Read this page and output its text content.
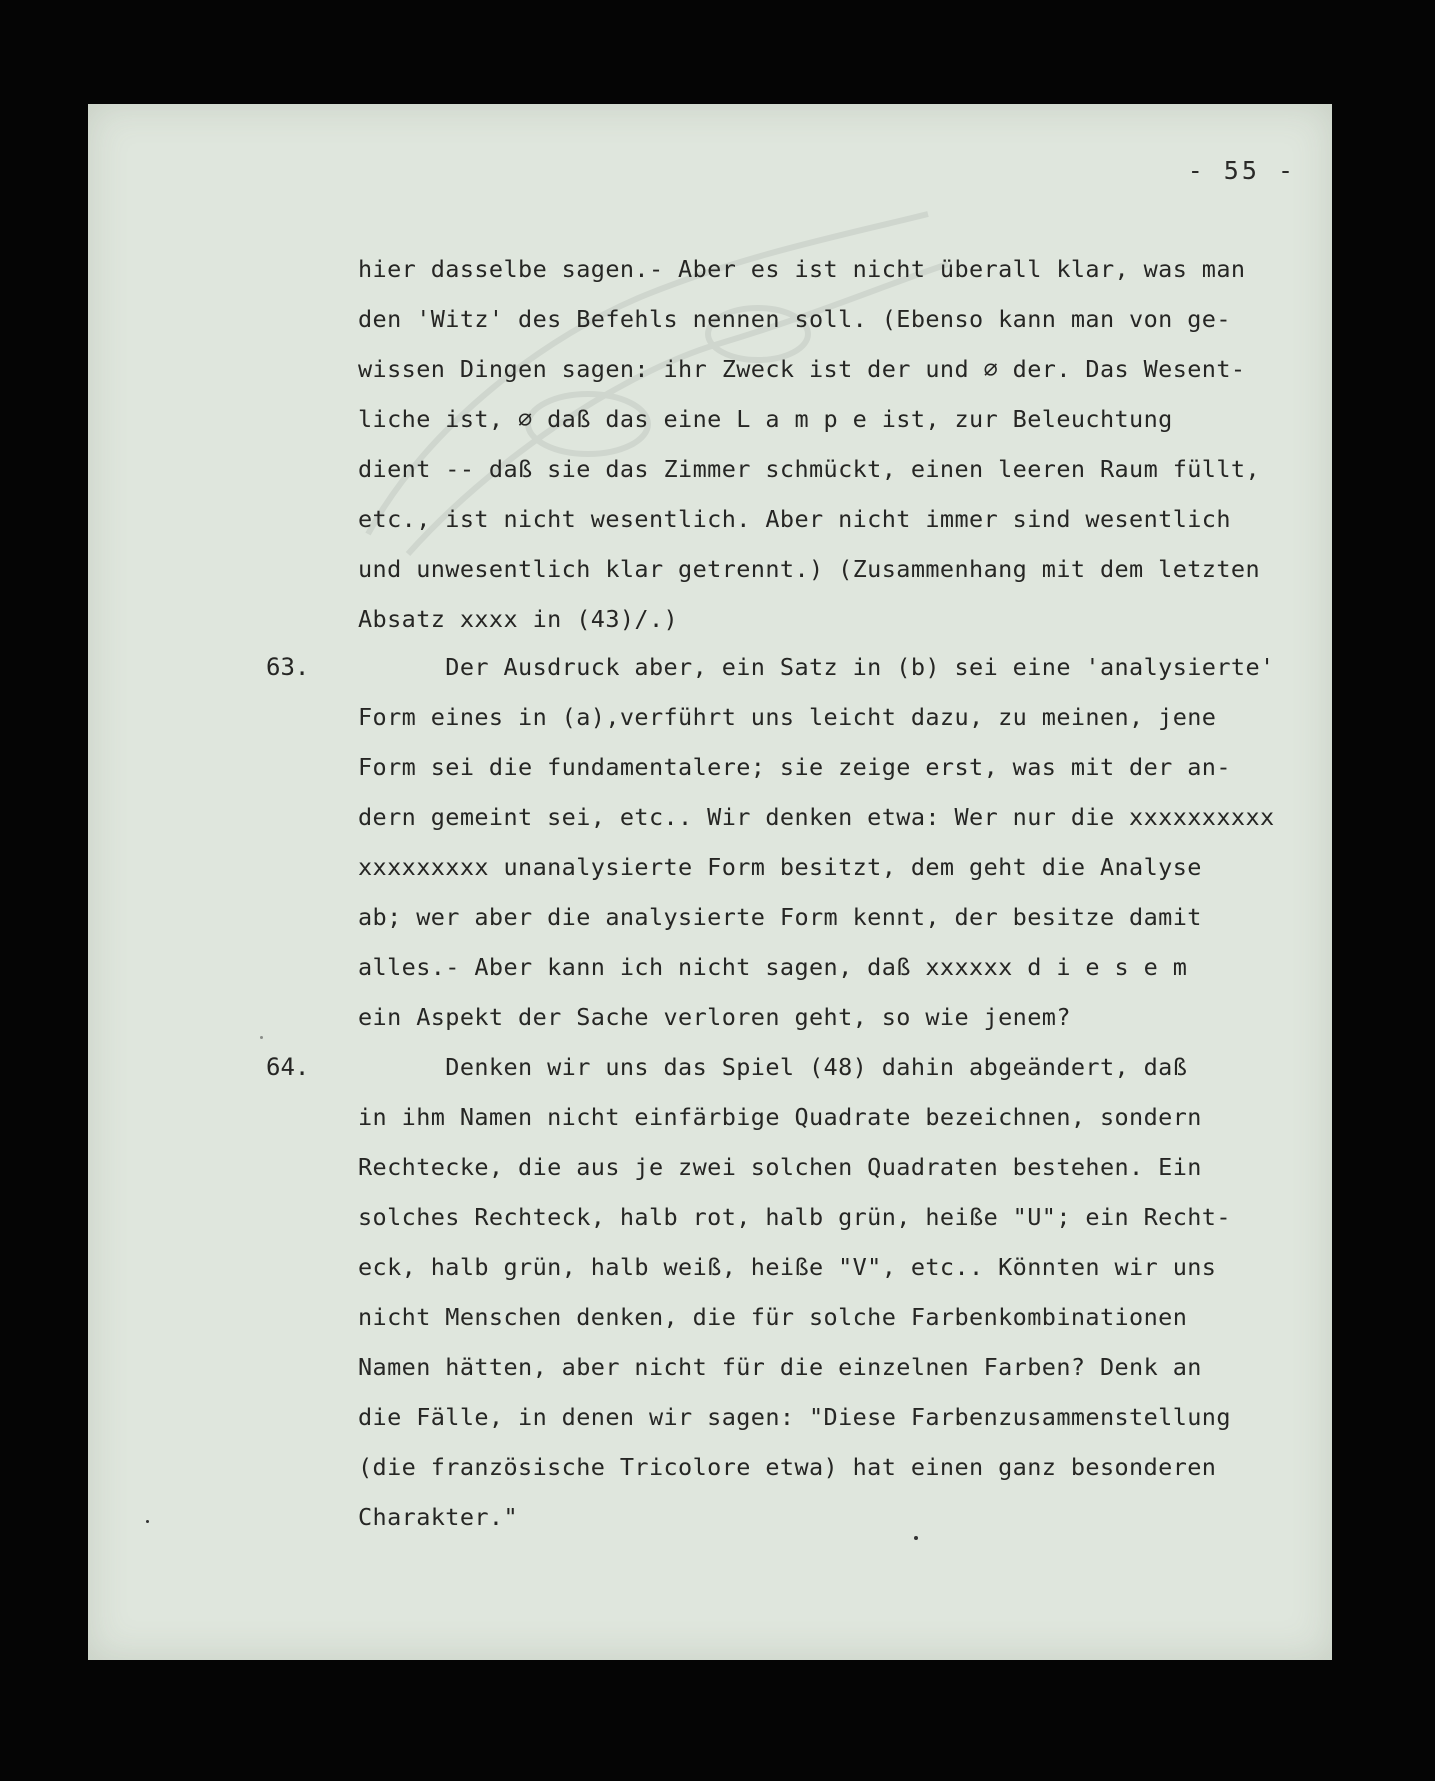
- 55 -

hier dasselbe sagen.- Aber es ist nicht überall klar, was man

den 'Witz' des Befehls nennen soll. (Ebenso kann man von ge-

wissen Dingen sagen: ihr Zweck ist der und ∅ der. Das Wesent-

liche ist, ∅ daß das eine L a m p e ist, zur Beleuchtung

dient -- daß sie das Zimmer schmückt, einen leeren Raum füllt,

etc., ist nicht wesentlich. Aber nicht immer sind wesentlich

und unwesentlich klar getrennt.) (Zusammenhang mit dem letzten

Absatz xxxx in (43)/.)

63. Der Ausdruck aber, ein Satz in (b) sei eine 'analysierte'

Form eines in (a),verführt uns leicht dazu, zu meinen, jene

Form sei die fundamentalere; sie zeige erst, was mit der an-

dern gemeint sei, etc.. Wir denken etwa: Wer nur die xxxxxxxxxx

xxxxxxxxx unanalysierte Form besitzt, dem geht die Analyse

ab; wer aber die analysierte Form kennt, der besitze damit

alles.- Aber kann ich nicht sagen, daß xxxxxx d i e s e m

ein Aspekt der Sache verloren geht, so wie jenem?

64. Denken wir uns das Spiel (48) dahin abgeändert, daß

in ihm Namen nicht einfärbige Quadrate bezeichnen, sondern

Rechtecke, die aus je zwei solchen Quadraten bestehen. Ein

solches Rechteck, halb rot, halb grün, heiße "U"; ein Recht-

eck, halb grün, halb weiß, heiße "V", etc.. Könnten wir uns

nicht Menschen denken, die für solche Farbenkombinationen

Namen hätten, aber nicht für die einzelnen Farben? Denk an

die Fälle, in denen wir sagen: "Diese Farbenzusammenstellung

(die französische Tricolore etwa) hat einen ganz besonderen

Charakter."
